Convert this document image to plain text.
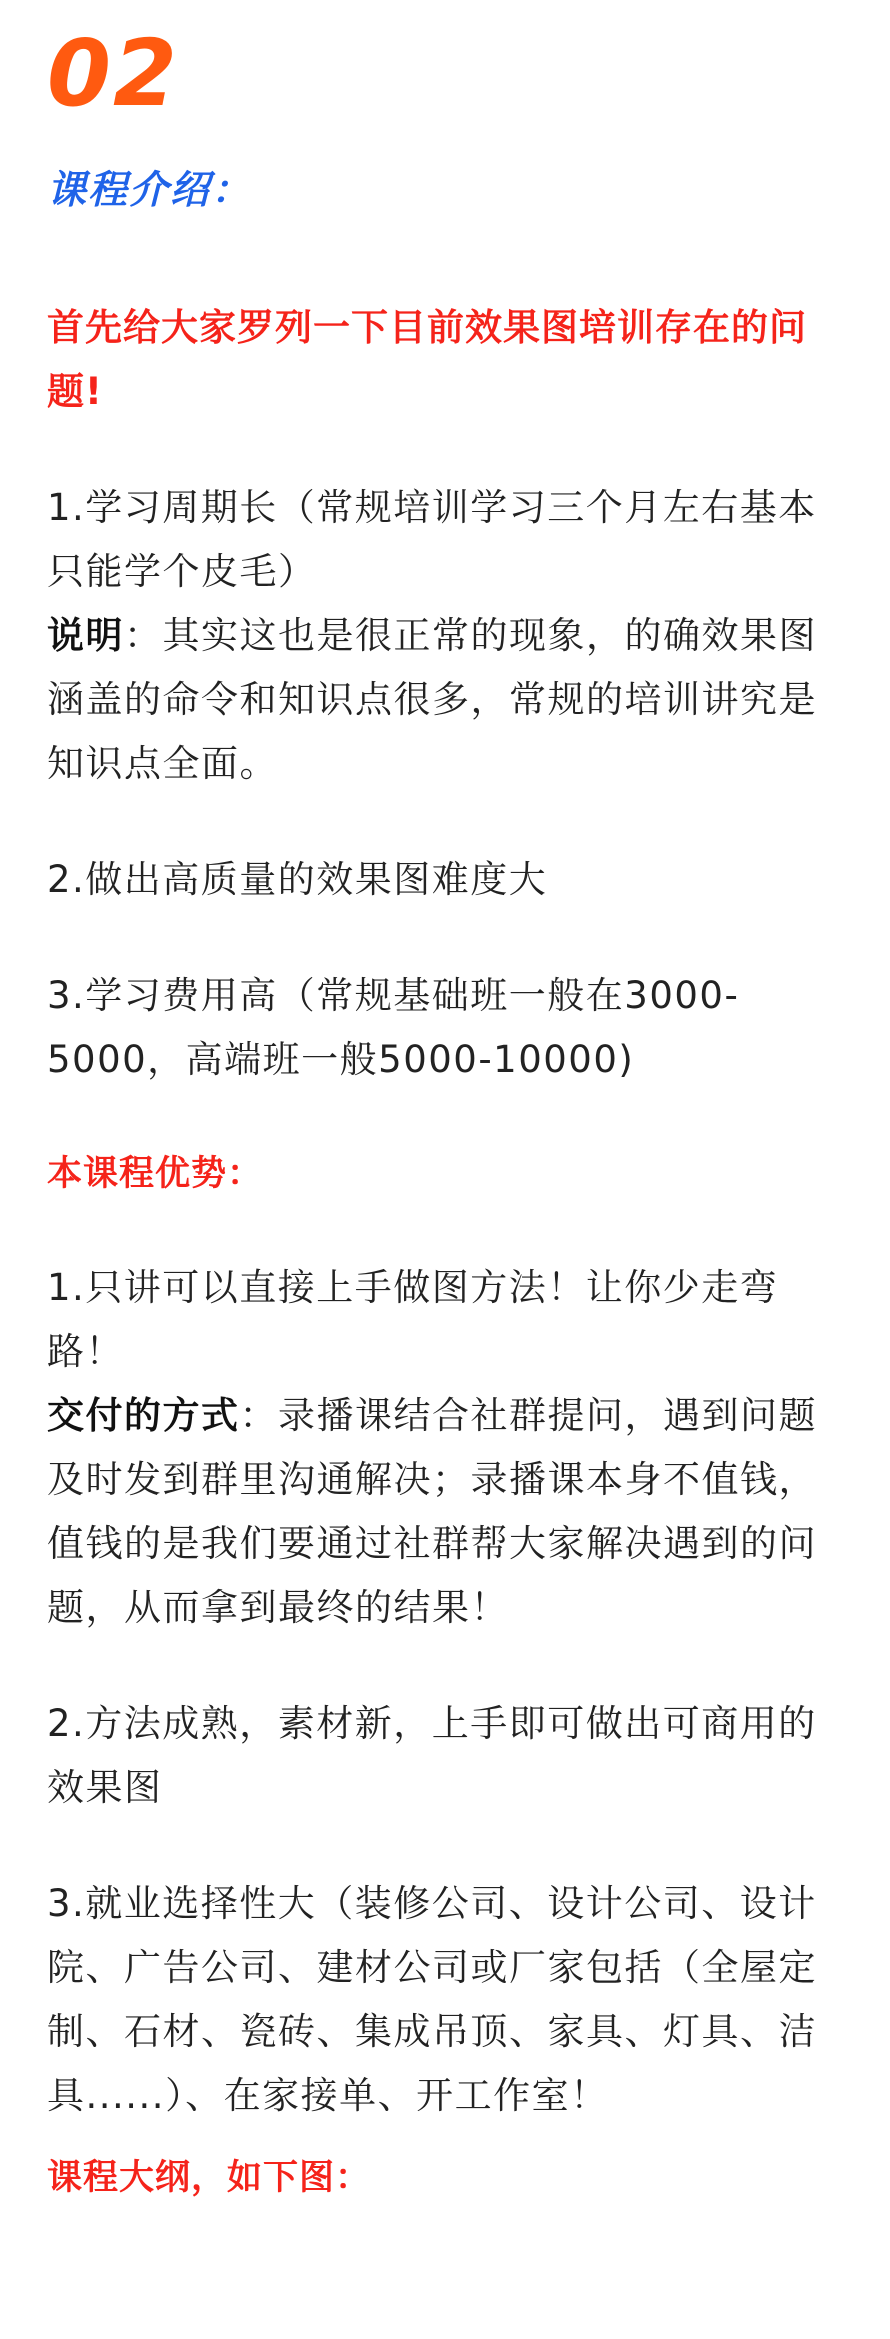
02
课程介绍：
首先给大家罗列一下目前效果图培训存在的问题!
1.学习周期长（常规培训学习三个月左右基本只能学个皮毛）
说明：其实这也是很正常的现象，的确效果图涵盖的命令和知识点很多，常规的培训讲究是知识点全面。
2.做出高质量的效果图难度大
3.学习费用高（常规基础班一般在3000-5000，高端班一般5000-10000)
本课程优势：
1.只讲可以直接上手做图方法！让你少走弯路！
交付的方式：录播课结合社群提问，遇到问题及时发到群里沟通解决；录播课本身不值钱，值钱的是我们要通过社群帮大家解决遇到的问题，从而拿到最终的结果！
2.方法成熟，素材新，上手即可做出可商用的效果图
3.就业选择性大（装修公司、设计公司、设计院、广告公司、建材公司或厂家包括（全屋定制、石材、瓷砖、集成吊顶、家具、灯具、洁具......）、在家接单、开工作室！
课程大纲，如下图：
